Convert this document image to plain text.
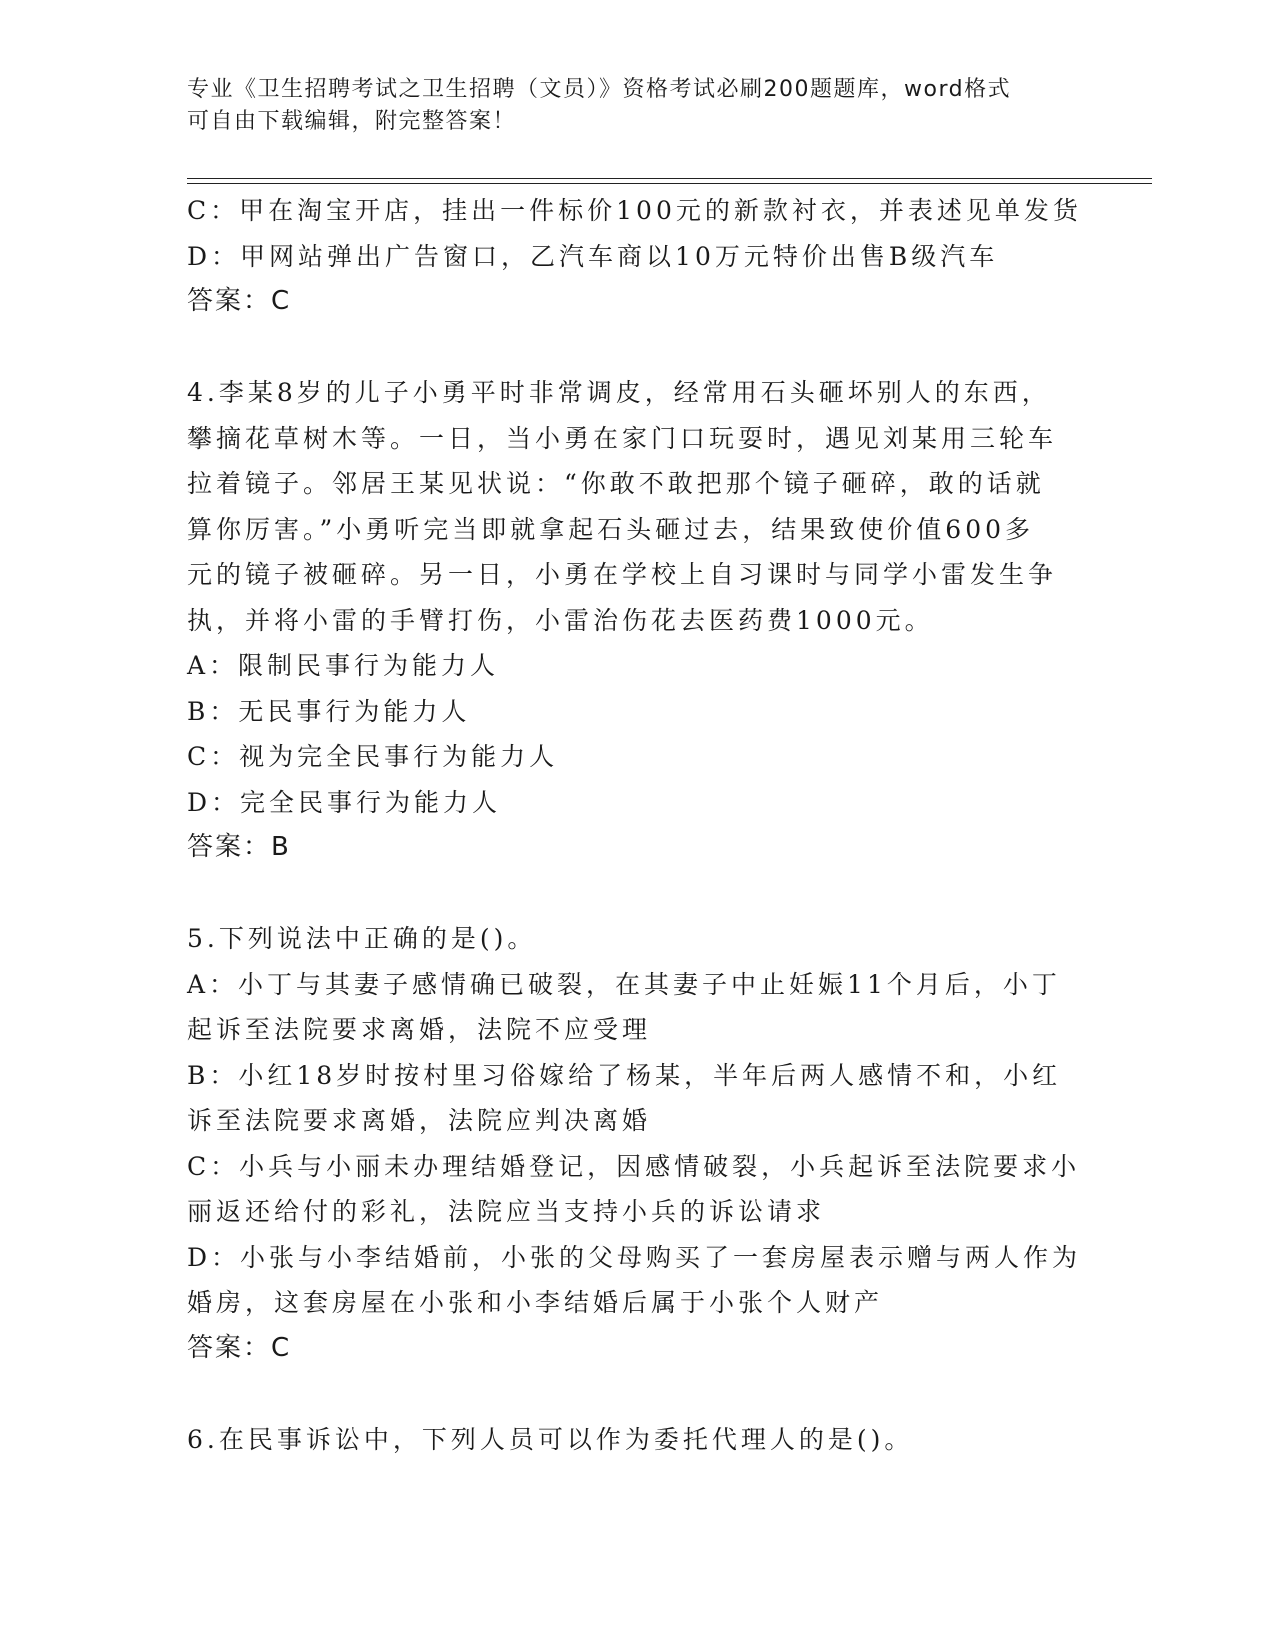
专业《卫生招聘考试之卫生招聘（文员）》资格考试必刷200题题库，word格式
可自由下载编辑，附完整答案！
C：甲在淘宝开店，挂出一件标价100元的新款衬衣，并表述见单发货
D：甲网站弹出广告窗口，乙汽车商以10万元特价出售B级汽车
答案：C
4.李某8岁的儿子小勇平时非常调皮，经常用石头砸坏别人的东西，
攀摘花草树木等。一日，当小勇在家门口玩耍时，遇见刘某用三轮车
拉着镜子。邻居王某见状说：“你敢不敢把那个镜子砸碎，敢的话就
算你厉害。”小勇听完当即就拿起石头砸过去，结果致使价值600多
元的镜子被砸碎。另一日，小勇在学校上自习课时与同学小雷发生争
执，并将小雷的手臂打伤，小雷治伤花去医药费1000元。
A：限制民事行为能力人
B：无民事行为能力人
C：视为完全民事行为能力人
D：完全民事行为能力人
答案：B
5.下列说法中正确的是()。
A：小丁与其妻子感情确已破裂，在其妻子中止妊娠11个月后，小丁
起诉至法院要求离婚，法院不应受理
B：小红18岁时按村里习俗嫁给了杨某，半年后两人感情不和，小红
诉至法院要求离婚，法院应判决离婚
C：小兵与小丽未办理结婚登记，因感情破裂，小兵起诉至法院要求小
丽返还给付的彩礼，法院应当支持小兵的诉讼请求
D：小张与小李结婚前，小张的父母购买了一套房屋表示赠与两人作为
婚房，这套房屋在小张和小李结婚后属于小张个人财产
答案：C
6.在民事诉讼中，下列人员可以作为委托代理人的是()。
